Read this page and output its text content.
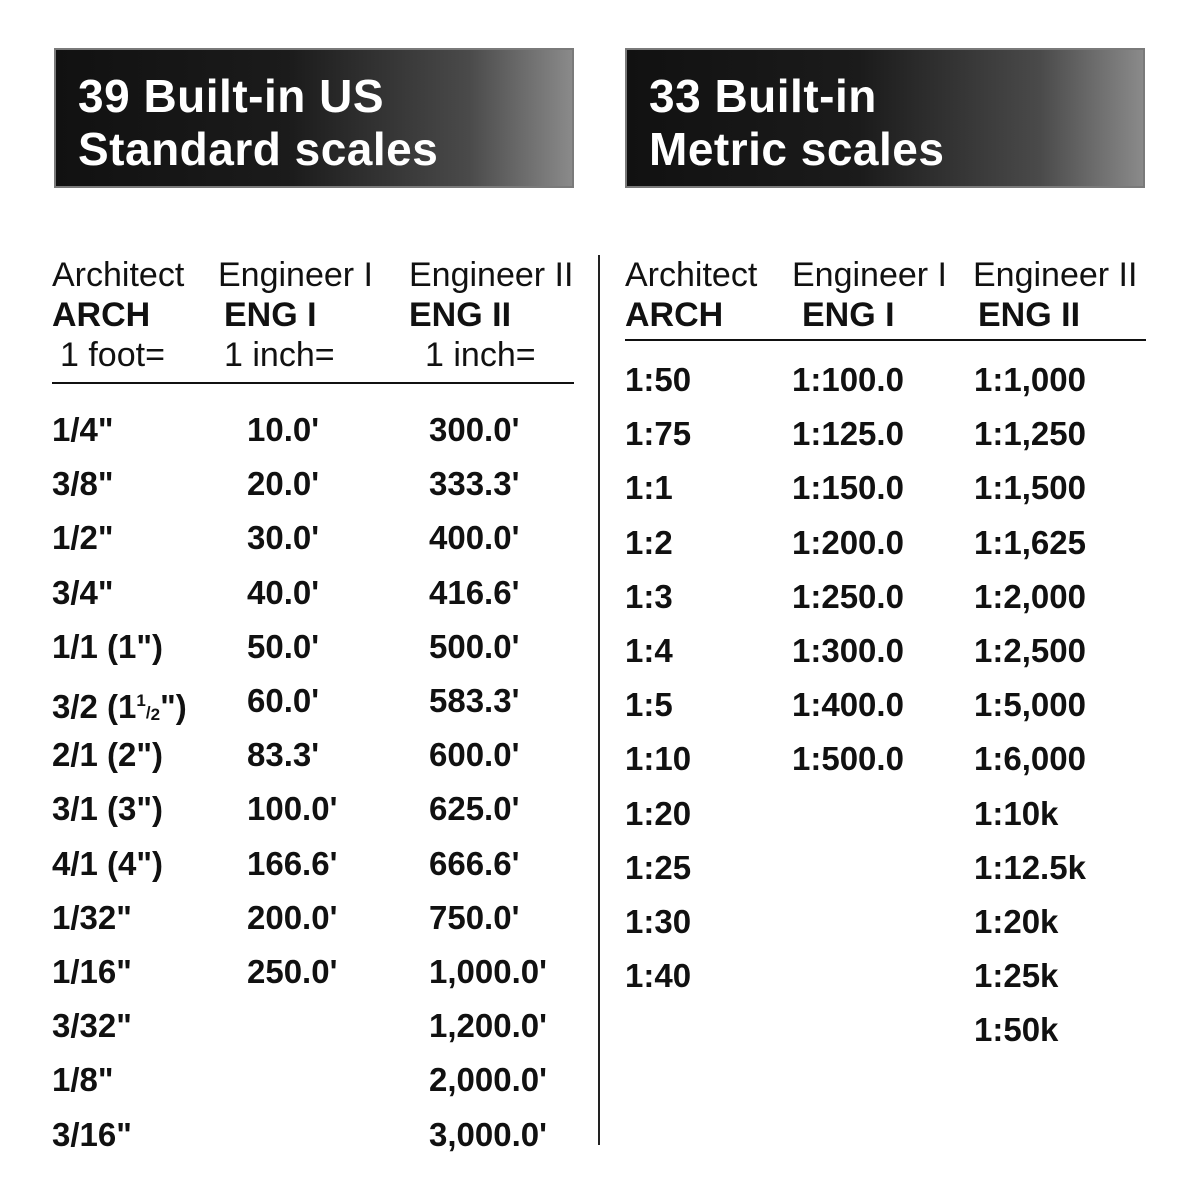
39 Built-in US
Standard scales
33 Built-in
Metric scales
Architect
ARCH
1 foot=
Engineer I
ENG I
1 inch=
Engineer II
ENG II
1 inch=
Architect
ARCH
Engineer I
ENG I
Engineer II
ENG II
1/4"
3/8"
1/2"
3/4"
1/1 (1")
3/2 $(1^1/_2")$
2/1 (2")
3/1 (3")
4/1 (4")
1/32"
1/16"
3/32"
1/8"
3/16"
10.0'
20.0'
30.0'
40.0'
50.0'
60.0'
83.3'
100.0'
166.6'
200.0'
250.0'
300.0'
333.3'
400.0'
416.6'
500.0'
583.3'
600.0'
625.0'
666.6'
750.0'
1,000.0'
1,200.0'
2,000.0'
3,000.0'
1:50
1:75
1:1
1:2
1:3
1:4
1:5
1:10
1:20
1:25
1:30
1:40
1:100.0
1:125.0
1:150.0
1:200.0
1:250.0
1:300.0
1:400.0
1:500.0
1:1,000
1:1,250
1:1,500
1:1,625
1:2,000
1:2,500
1:5,000
1:6,000
1:10k
1:12.5k
1:20k
1:25k
1:50k
